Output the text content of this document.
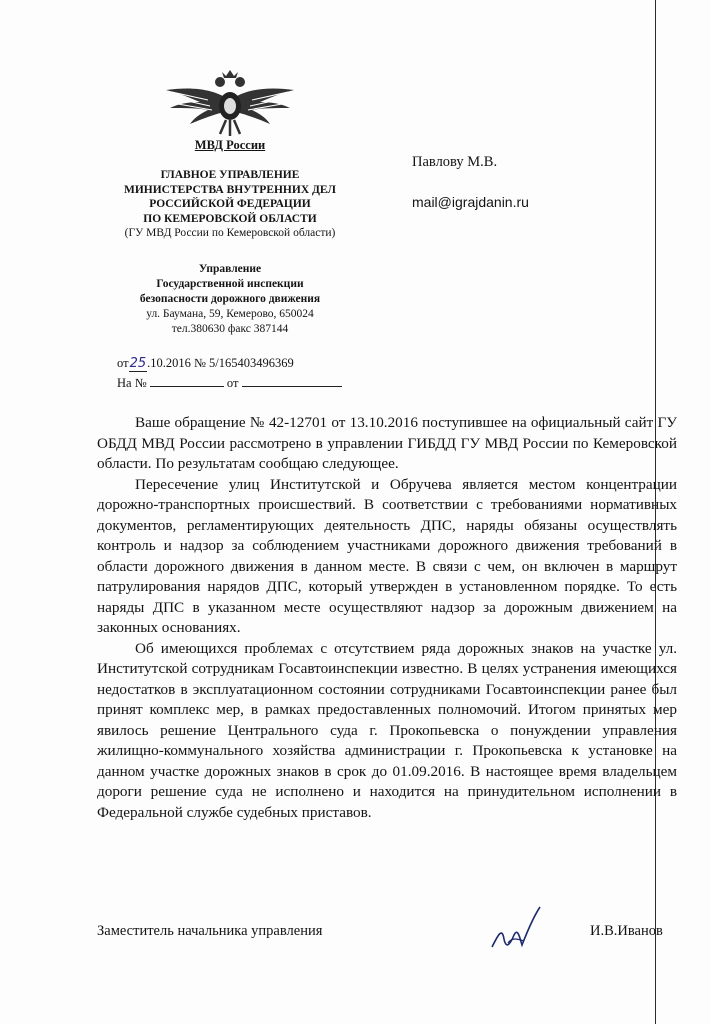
МВД России
ГЛАВНОЕ УПРАВЛЕНИЕ
МИНИСТЕРСТВА ВНУТРЕННИХ ДЕЛ
РОССИЙСКОЙ ФЕДЕРАЦИИ
ПО КЕМЕРОВСКОЙ ОБЛАСТИ
(ГУ МВД России по Кемеровской области)
Управление
Государственной инспекции
безопасности дорожного движения
ул. Баумана, 59, Кемерово, 650024
тел.380630 факс 387144
от25.10.2016 № 5/165403496369
На №	от
Павлову М.В.
mail@igrajdanin.ru

Ваше обращение № 42-12701 от 13.10.2016 поступившее на официальный сайт ГУ ОБДД МВД России рассмотрено в управлении ГИБДД ГУ МВД России по Кемеровской области. По результатам сообщаю следующее.

Пересечение улиц Институтской и Обручева является местом концентрации дорожно-транспортных происшествий. В соответствии с требованиями нормативных документов, регламентирующих деятельность ДПС, наряды обязаны осуществлять контроль и надзор за соблюдением участниками дорожного движения требований в области дорожного движения в данном месте. В связи с чем, он включен в маршрут патрулирования нарядов ДПС, который утвержден в установленном порядке. То есть наряды ДПС в указанном месте осуществляют надзор за дорожным движением на законных основаниях.

Об имеющихся проблемах с отсутствием ряда дорожных знаков на участке ул. Институтской сотрудникам Госавтоинспекции известно. В целях устранения имеющихся недостатков в эксплуатационном состоянии сотрудниками Госавтоинспекции ранее был принят комплекс мер, в рамках предоставленных полномочий. Итогом принятых мер явилось решение Центрального суда г. Прокопьевска о понуждении управления жилищно-коммунального хозяйства администрации г. Прокопьевска к установке на данном участке дорожных знаков в срок до 01.09.2016. В настоящее время владельцем дороги решение суда не исполнено и находится на принудительном исполнении в Федеральной службе судебных приставов.

Заместитель начальника управления	И.В.Иванов
